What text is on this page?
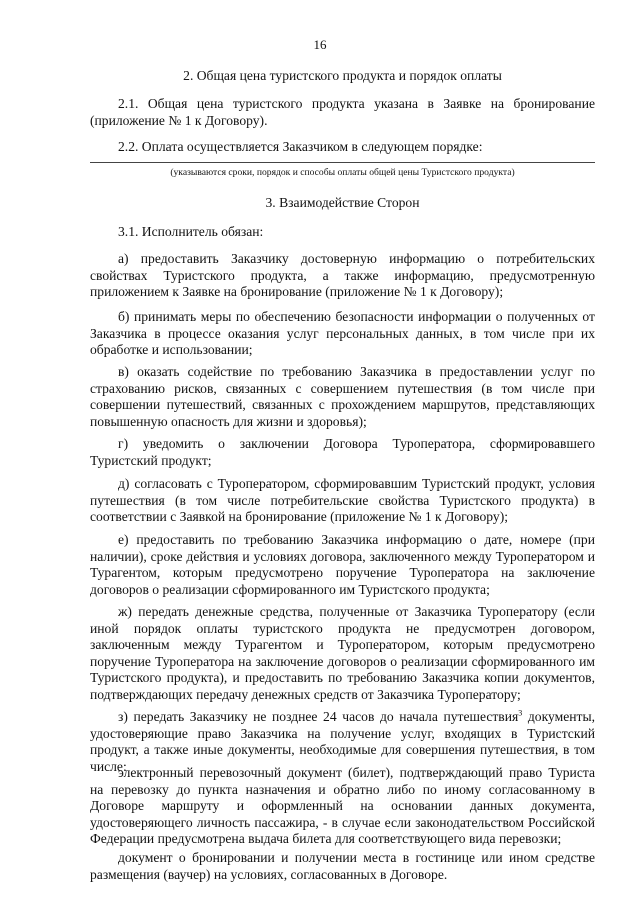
16
2. Общая цена туристского продукта и порядок оплаты

2.1. Общая цена туристского продукта указана в Заявке на бронирование (приложение № 1 к Договору).

2.2. Оплата осуществляется Заказчиком в следующем порядке:

(указываются сроки, порядок и способы оплаты общей цены Туристского продукта)
3. Взаимодействие Сторон

3.1. Исполнитель обязан:

а) предоставить Заказчику достоверную информацию о потребительских свойствах Туристского продукта, а также информацию, предусмотренную приложением к Заявке на бронирование (приложение № 1 к Договору);

б) принимать меры по обеспечению безопасности информации о полученных от Заказчика в процессе оказания услуг персональных данных, в том числе при их обработке и использовании;

в) оказать содействие по требованию Заказчика в предоставлении услуг по страхованию рисков, связанных с совершением путешествия (в том числе при совершении путешествий, связанных с прохождением маршрутов, представляющих повышенную опасность для жизни и здоровья);

г) уведомить о заключении Договора Туроператора, сформировавшего Туристский продукт;

д) согласовать с Туроператором, сформировавшим Туристский продукт, условия путешествия (в том числе потребительские свойства Туристского продукта) в соответствии с Заявкой на бронирование (приложение № 1 к Договору);

е) предоставить по требованию Заказчика информацию о дате, номере (при наличии), сроке действия и условиях договора, заключенного между Туроператором и Турагентом, которым предусмотрено поручение Туроператора на заключение договоров о реализации сформированного им Туристского продукта;

ж) передать денежные средства, полученные от Заказчика Туроператору (если иной порядок оплаты туристского продукта не предусмотрен договором, заключенным между Турагентом и Туроператором, которым предусмотрено поручение Туроператора на заключение договоров о реализации сформированного им Туристского продукта), и предоставить по требованию Заказчика копии документов, подтверждающих передачу денежных средств от Заказчика Туроператору;

з) передать Заказчику не позднее 24 часов до начала путешествия$^3$ документы, удостоверяющие право Заказчика на получение услуг, входящих в Туристский продукт, а также иные документы, необходимые для совершения путешествия, в том числе:

электронный перевозочный документ (билет), подтверждающий право Туриста на перевозку до пункта назначения и обратно либо по иному согласованному в Договоре маршруту и оформленный на основании данных документа, удостоверяющего личность пассажира, - в случае если законодательством Российской Федерации предусмотрена выдача билета для соответствующего вида перевозки;

документ о бронировании и получении места в гостинице или ином средстве размещения (ваучер) на условиях, согласованных в Договоре.
